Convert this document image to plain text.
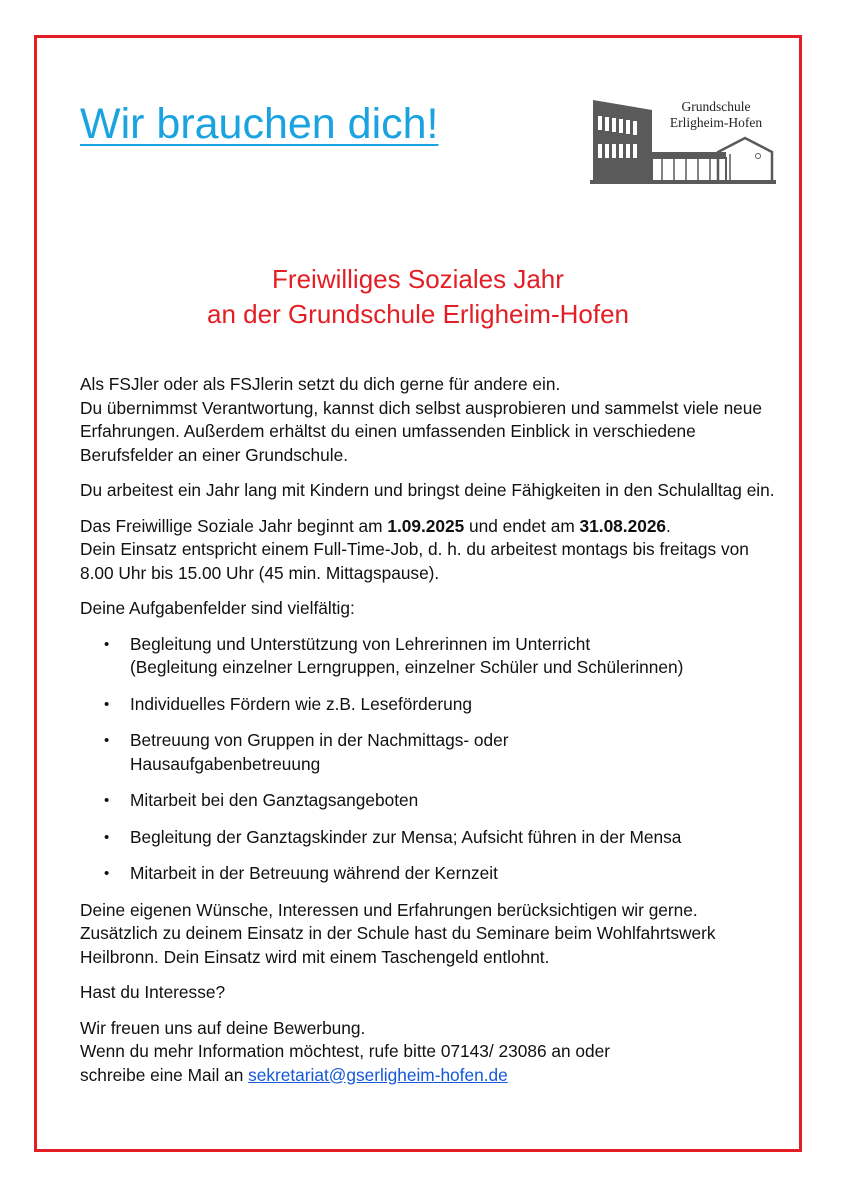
Wir brauchen dich!	Grundschule
Erligheim-Hofen
Freiwilliges Soziales Jahr
an der Grundschule Erligheim-Hofen

Als FSJler oder als FSJlerin setzt du dich gerne für andere ein.
Du übernimmst Verantwortung, kannst dich selbst ausprobieren und sammelst viele neue Erfahrungen. Außerdem erhältst du einen umfassenden Einblick in verschiedene Berufsfelder an einer Grundschule.

Du arbeitest ein Jahr lang mit Kindern und bringst deine Fähigkeiten in den Schulalltag ein.

Das Freiwillige Soziale Jahr beginnt am 1.09.2025 und endet am 31.08.2026.
Dein Einsatz entspricht einem Full-Time-Job, d. h. du arbeitest montags bis freitags von 8.00 Uhr bis 15.00 Uhr (45 min. Mittagspause).

Deine Aufgabenfelder sind vielfältig:

• Begleitung und Unterstützung von Lehrerinnen im Unterricht
(Begleitung einzelner Lerngruppen, einzelner Schüler und Schülerinnen)
• Individuelles Fördern wie z.B. Leseförderung
• Betreuung von Gruppen in der Nachmittags- oder
Hausaufgabenbetreuung
• Mitarbeit bei den Ganztagsangeboten
• Begleitung der Ganztagskinder zur Mensa; Aufsicht führen in der Mensa
• Mitarbeit in der Betreuung während der Kernzeit

Deine eigenen Wünsche, Interessen und Erfahrungen berücksichtigen wir gerne. Zusätzlich zu deinem Einsatz in der Schule hast du Seminare beim Wohlfahrtswerk Heilbronn. Dein Einsatz wird mit einem Taschengeld entlohnt.

Hast du Interesse?

Wir freuen uns auf deine Bewerbung.
Wenn du mehr Information möchtest, rufe bitte 07143/ 23086 an oder
schreibe eine Mail an sekretariat@gserligheim-hofen.de
